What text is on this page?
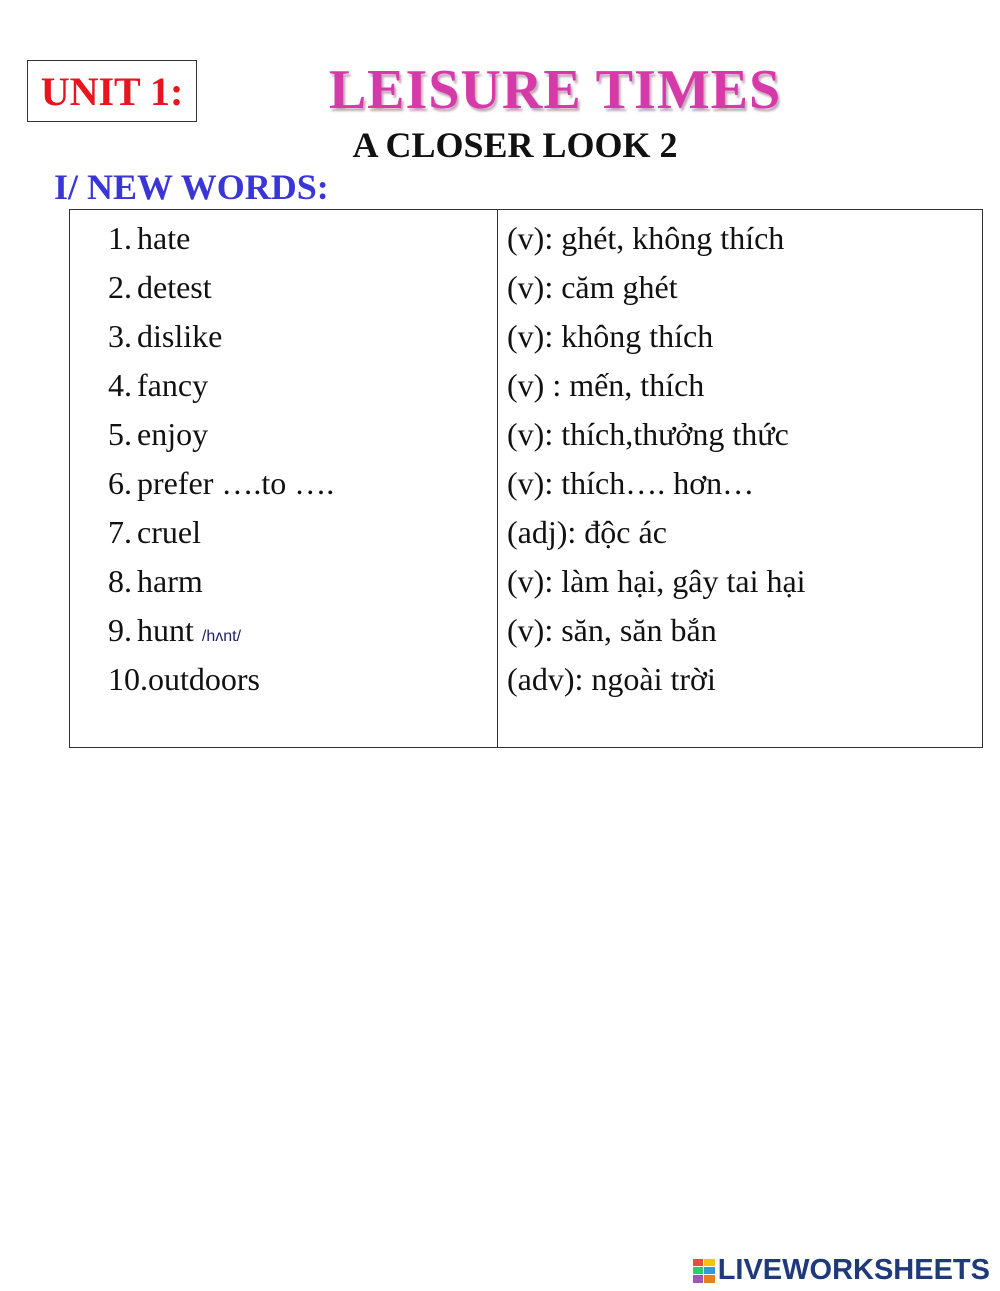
UNIT 1:	LEISURE TIMES
A CLOSER LOOK 2
I/ NEW WORDS:
1. hate
2. detest
3. dislike
4. fancy
5. enjoy
6. prefer ….to ….
7. cruel
8. harm
9. hunt /hʌnt/
10.outdoors
(v): ghét, không thích
(v): căm ghét
(v): không thích
(v) : mến, thích
(v): thích,thưởng thức
(v): thích…. hơn…
(adj): độc ác
(v): làm hại, gây tai hại
(v): săn, săn bắn
(adv): ngoài trời
LIVEWORKSHEETS
